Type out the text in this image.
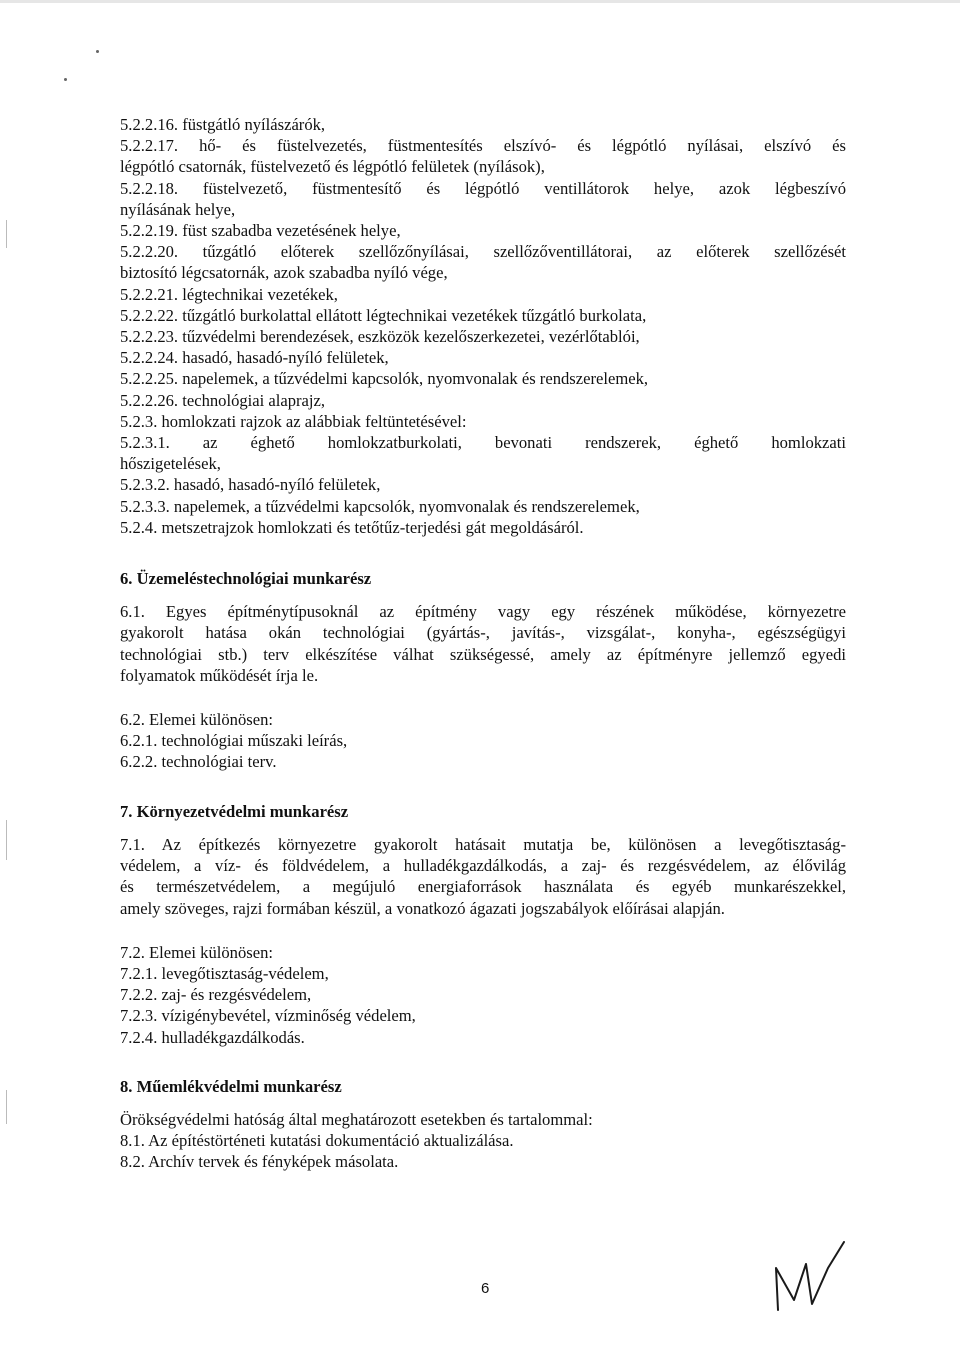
5.2.2.16. füstgátló nyílászárók,
5.2.2.17. hő- és füstelvezetés, füstmentesítés elszívó- és légpótló nyílásai, elszívó és
légpótló csatornák, füstelvezető és légpótló felületek (nyílások),
5.2.2.18. füstelvezető, füstmentesítő és légpótló ventillátorok helye, azok légbeszívó
nyílásának helye,
5.2.2.19. füst szabadba vezetésének helye,
5.2.2.20. tűzgátló előterek szellőzőnyílásai, szellőzőventillátorai, az előterek szellőzését
biztosító légcsatornák, azok szabadba nyíló vége,
5.2.2.21. légtechnikai vezetékek,
5.2.2.22. tűzgátló burkolattal ellátott légtechnikai vezetékek tűzgátló burkolata,
5.2.2.23. tűzvédelmi berendezések, eszközök kezelőszerkezetei, vezérlőtablói,
5.2.2.24. hasadó, hasadó-nyíló felületek,
5.2.2.25. napelemek, a tűzvédelmi kapcsolók, nyomvonalak és rendszerelemek,
5.2.2.26. technológiai alaprajz,
5.2.3. homlokzati rajzok az alábbiak feltüntetésével:
5.2.3.1. az éghető homlokzatburkolati, bevonati rendszerek, éghető homlokzati
hőszigetelések,
5.2.3.2. hasadó, hasadó-nyíló felületek,
5.2.3.3. napelemek, a tűzvédelmi kapcsolók, nyomvonalak és rendszerelemek,
5.2.4. metszetrajzok homlokzati és tetőtűz-terjedési gát megoldásáról.
6. Üzemeléstechnológiai munkarész
6.1. Egyes építménytípusoknál az építmény vagy egy részének működése, környezetre
gyakorolt hatása okán technológiai (gyártás-, javítás-, vizsgálat-, konyha-, egészségügyi
technológiai stb.) terv elkészítése válhat szükségessé, amely az építményre jellemző egyedi
folyamatok működését írja le.
6.2. Elemei különösen:
6.2.1. technológiai műszaki leírás,
6.2.2. technológiai terv.
7. Környezetvédelmi munkarész
7.1. Az építkezés környezetre gyakorolt hatásait mutatja be, különösen a levegőtisztaság-
védelem, a víz- és földvédelem, a hulladékgazdálkodás, a zaj- és rezgésvédelem, az élővilág
és természetvédelem, a megújuló energiaforrások használata és egyéb munkarészekkel,
amely szöveges, rajzi formában készül, a vonatkozó ágazati jogszabályok előírásai alapján.
7.2. Elemei különösen:
7.2.1. levegőtisztaság-védelem,
7.2.2. zaj- és rezgésvédelem,
7.2.3. vízigénybevétel, vízminőség védelem,
7.2.4. hulladékgazdálkodás.
8. Műemlékvédelmi munkarész
Örökségvédelmi hatóság által meghatározott esetekben és tartalommal:
8.1. Az építéstörténeti kutatási dokumentáció aktualizálása.
8.2. Archív tervek és fényképek másolata.
6
